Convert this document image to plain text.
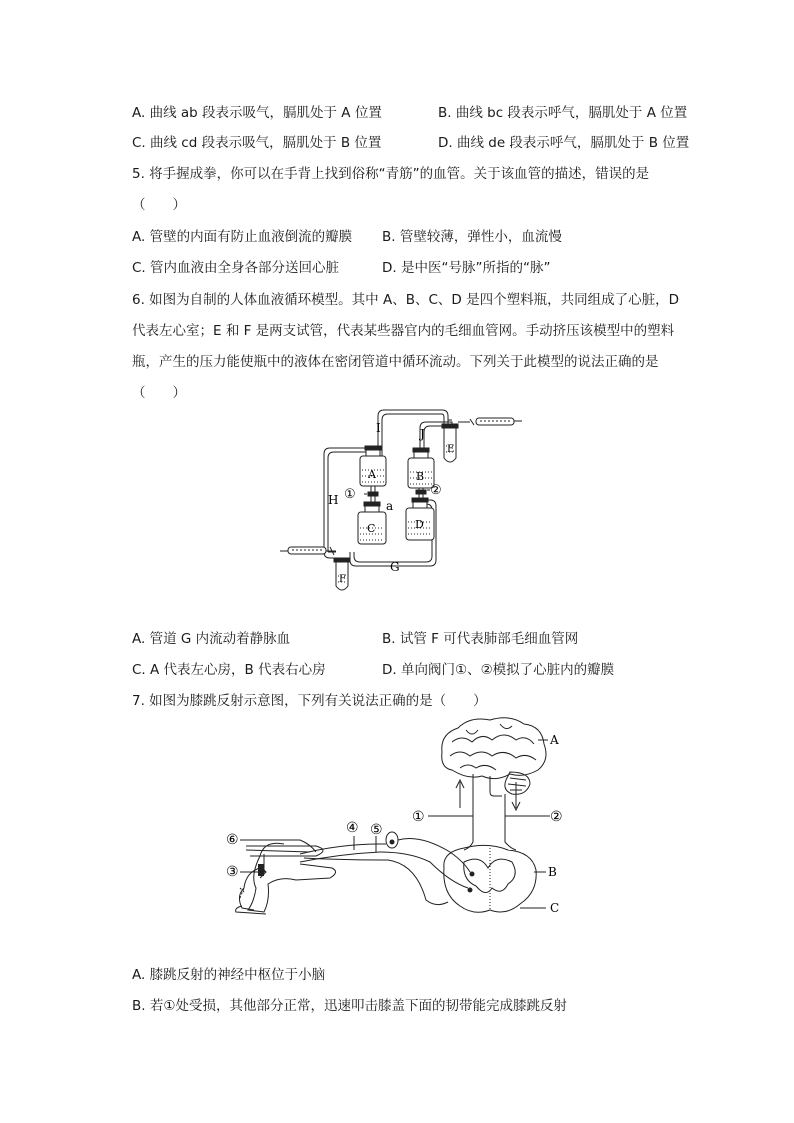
A. 曲线 ab 段表示吸气，膈肌处于 A 位置	B. 曲线 bc 段表示呼气，膈肌处于 A 位置
C. 曲线 cd 段表示吸气，膈肌处于 B 位置	D. 曲线 de 段表示呼气，膈肌处于 B 位置
5. 将手握成拳，你可以在手背上找到俗称“青筋”的血管。关于该血管的描述，错误的是
（　　）
A. 管壁的内面有防止血液倒流的瓣膜 B. 管壁较薄，弹性小，血流慢
C. 管内血液由全身各部分送回心脏	D. 是中医“号脉”所指的“脉”
6. 如图为自制的人体血液循环模型。其中 A、B、C、D 是四个塑料瓶，共同组成了心脏，D
代表左心室；E 和 F 是两支试管，代表某些器官内的毛细血管网。手动挤压该模型中的塑料
瓶，产生的压力能使瓶中的液体在密闭管道中循环流动。下列关于此模型的说法正确的是
（　　）
A
C
B
D
E
F
G
H
I	J
a
①	②
A. 管道 G 内流动着静脉血	B. 试管 F 可代表肺部毛细血管网
C. A 代表左心房，B 代表右心房	D. 单向阀门①、②模拟了心脏内的瓣膜
7. 如图为膝跳反射示意图，下列有关说法正确的是（　　）
A
B
C
①	②
③
④ ⑤
⑥
A. 膝跳反射的神经中枢位于小脑
B. 若①处受损，其他部分正常，迅速叩击膝盖下面的韧带能完成膝跳反射
